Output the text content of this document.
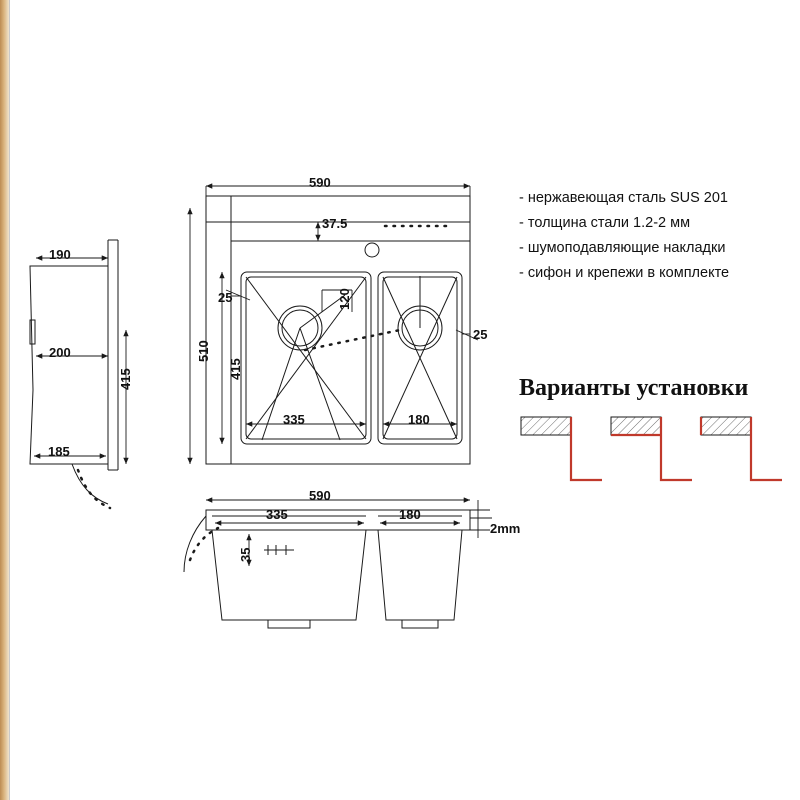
590
37.5
510
415
25
25
120
335	180
190
200
185
415
590
335	180
35
2mm
- нержавеющая сталь SUS 201
- толщина стали 1.2-2 мм
- шумоподавляющие накладки
- сифон и крепежи в комплекте
Варианты установки
